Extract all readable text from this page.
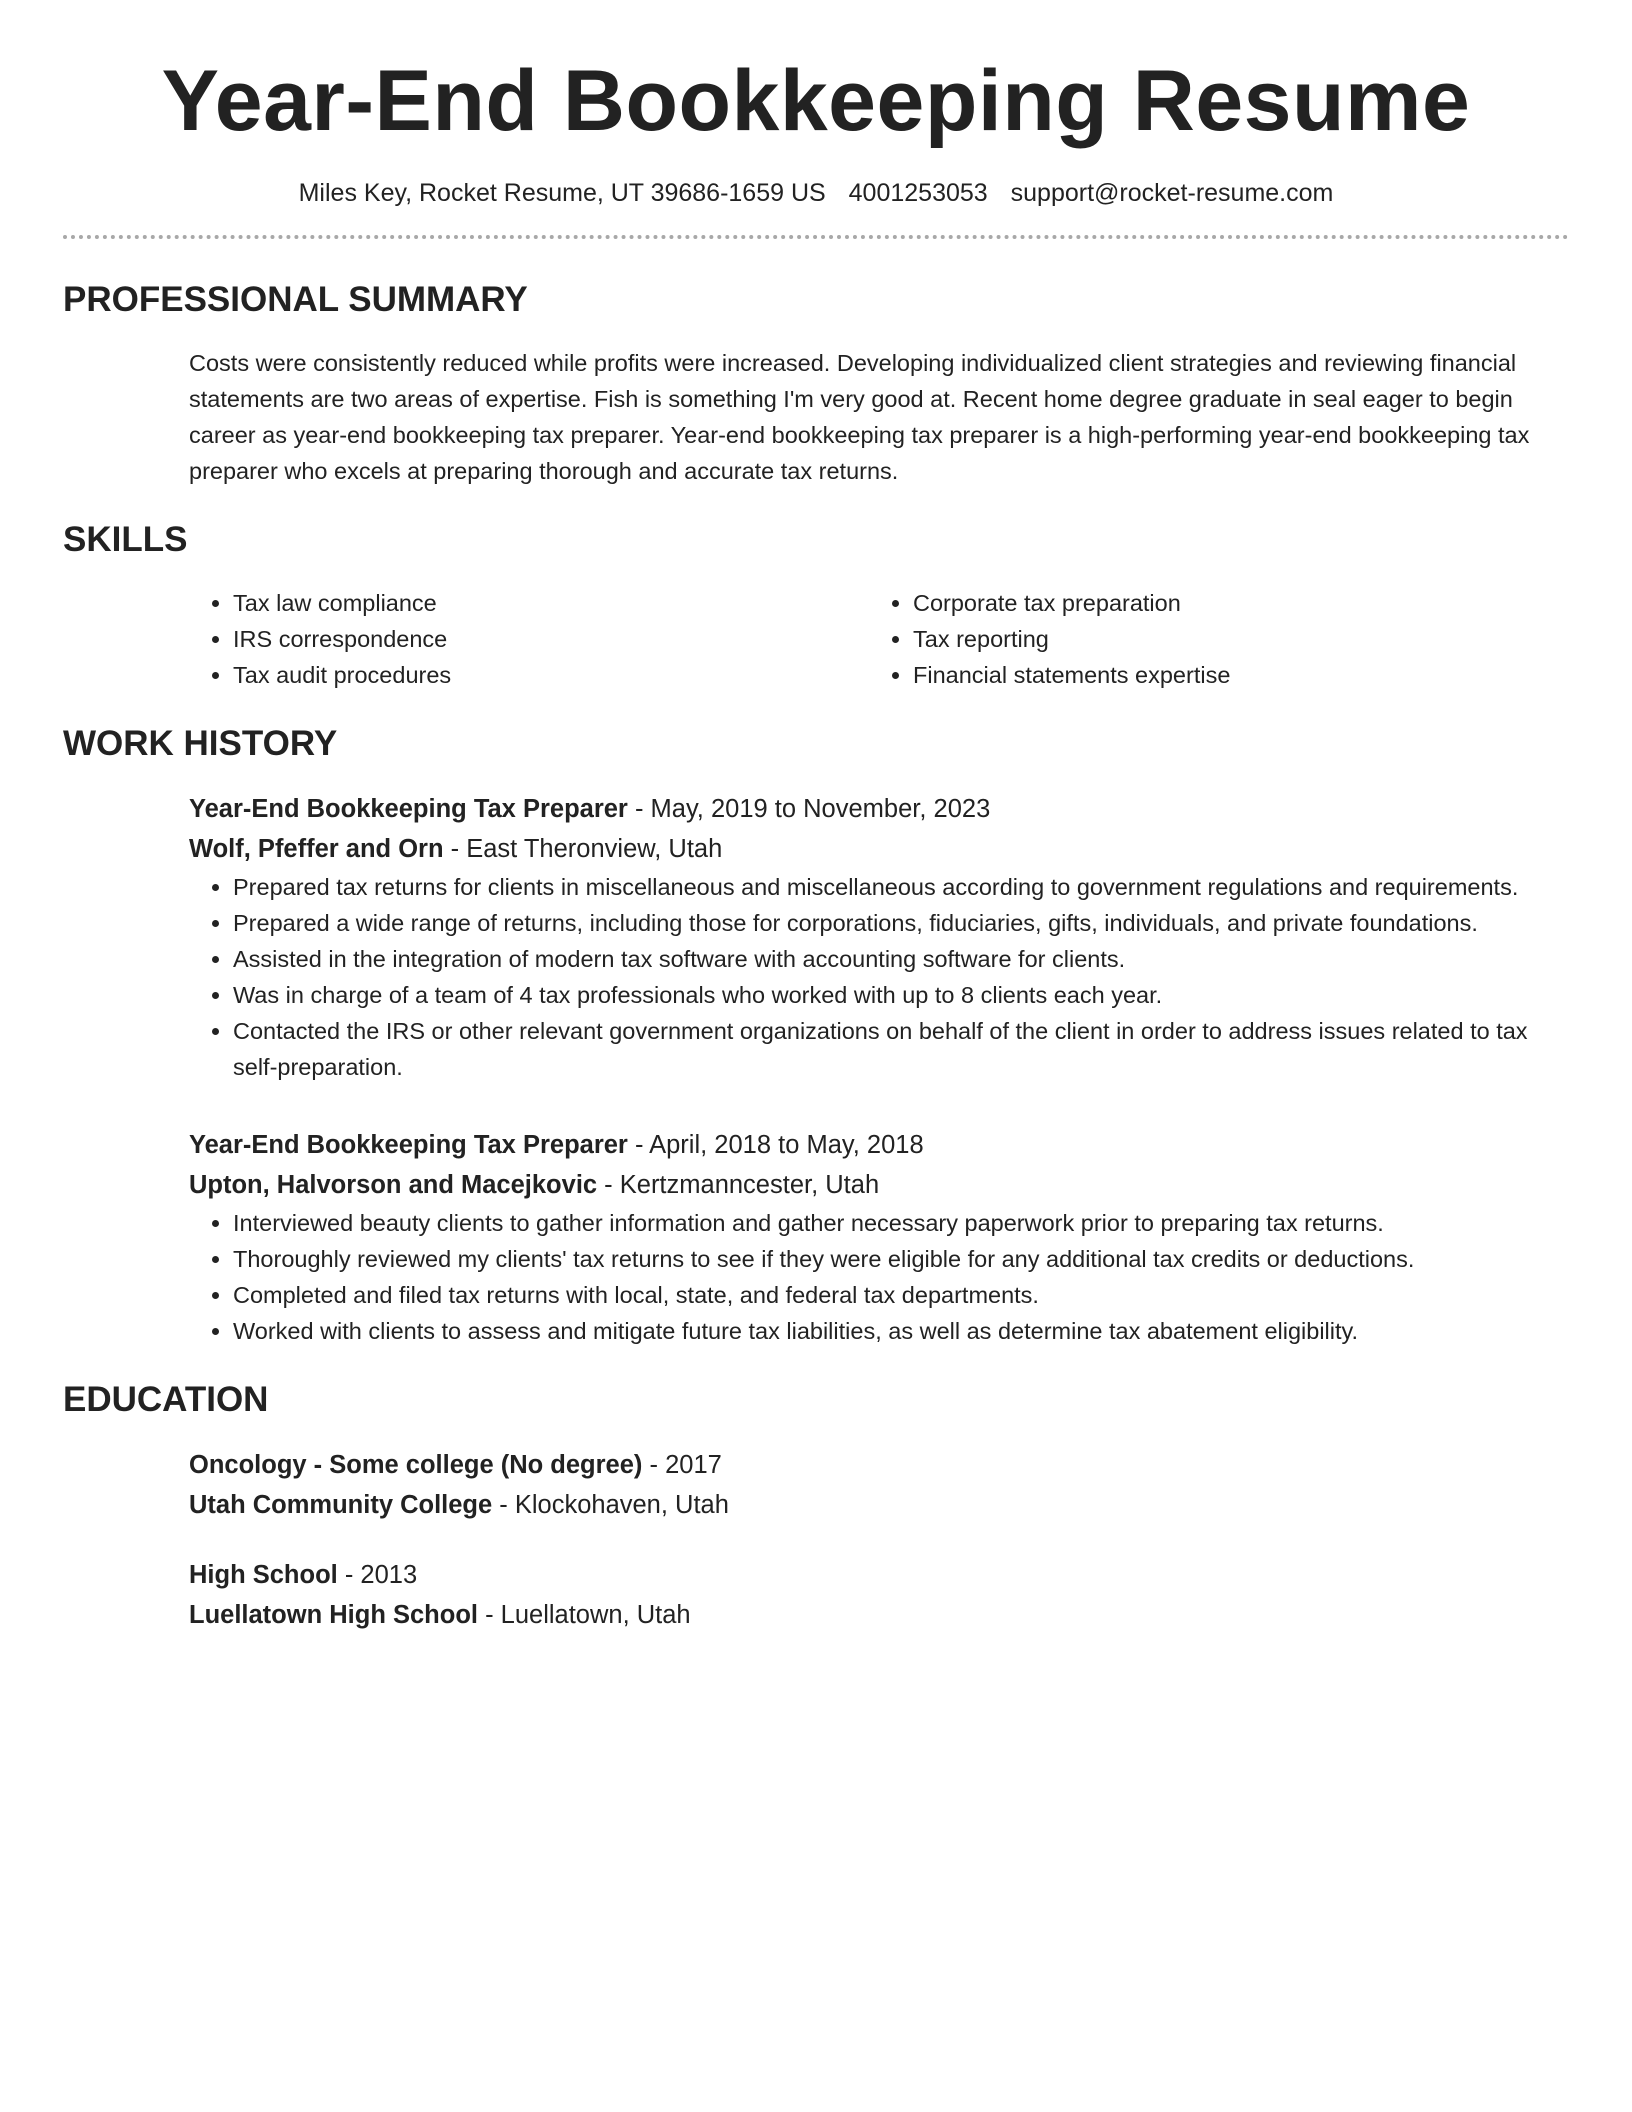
Year-End Bookkeeping Resume
Miles Key, Rocket Resume, UT 39686-1659 US 4001253053 support@rocket-resume.com
PROFESSIONAL SUMMARY

Costs were consistently reduced while profits were increased. Developing individualized client strategies and reviewing financial statements are two areas of expertise. Fish is something I'm very good at. Recent home degree graduate in seal eager to begin career as year-end bookkeeping tax preparer. Year-end bookkeeping tax preparer is a high-performing year-end bookkeeping tax preparer who excels at preparing thorough and accurate tax returns.

SKILLS
• Tax law compliance
• IRS correspondence
• Tax audit procedures
• Corporate tax preparation
• Tax reporting
• Financial statements expertise
WORK HISTORY
Year-End Bookkeeping Tax Preparer - May, 2019 to November, 2023
Wolf, Pfeffer and Orn - East Theronview, Utah
• Prepared tax returns for clients in miscellaneous and miscellaneous according to government regulations and requirements.
• Prepared a wide range of returns, including those for corporations, fiduciaries, gifts, individuals, and private foundations.
• Assisted in the integration of modern tax software with accounting software for clients.
• Was in charge of a team of 4 tax professionals who worked with up to 8 clients each year.
• Contacted the IRS or other relevant government organizations on behalf of the client in order to address issues related to tax self-preparation.
Year-End Bookkeeping Tax Preparer - April, 2018 to May, 2018
Upton, Halvorson and Macejkovic - Kertzmanncester, Utah
• Interviewed beauty clients to gather information and gather necessary paperwork prior to preparing tax returns.
• Thoroughly reviewed my clients' tax returns to see if they were eligible for any additional tax credits or deductions.
• Completed and filed tax returns with local, state, and federal tax departments.
• Worked with clients to assess and mitigate future tax liabilities, as well as determine tax abatement eligibility.
EDUCATION
Oncology - Some college (No degree) - 2017
Utah Community College - Klockohaven, Utah
High School - 2013
Luellatown High School - Luellatown, Utah
